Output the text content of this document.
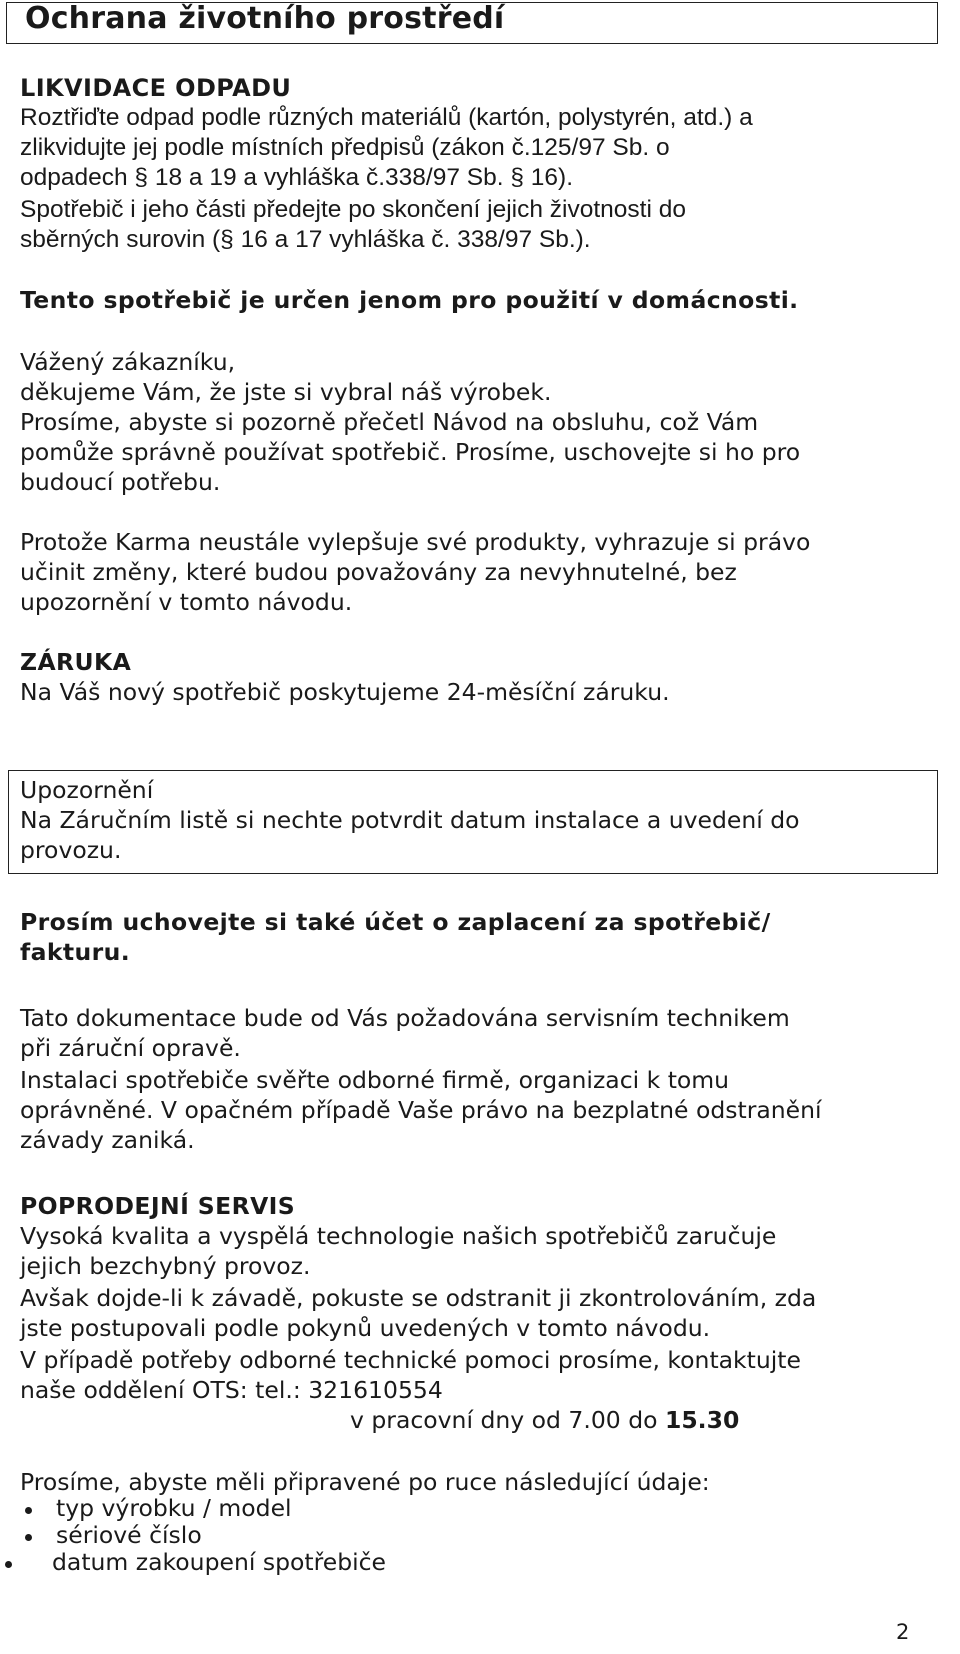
Ochrana životního prostředí
LIKVIDACE ODPADU
Roztřiďte odpad podle různých materiálů (kartón, polystyrén, atd.) a
zlikvidujte jej podle místních předpisů (zákon č.125/97 Sb. o
odpadech § 18 a 19 a vyhláška č.338/97 Sb. § 16).
Spotřebič i jeho části předejte po skončení jejich životnosti do
sběrných surovin (§ 16 a 17 vyhláška č. 338/97 Sb.).
Tento spotřebič je určen jenom pro použití v domácnosti.
Vážený zákazníku,
děkujeme Vám, že jste si vybral náš výrobek.
Prosíme, abyste si pozorně přečetl Návod na obsluhu, což Vám
pomůže správně používat spotřebič. Prosíme, uschovejte si ho pro
budoucí potřebu.
Protože Karma neustále vylepšuje své produkty, vyhrazuje si právo
učinit změny, které budou považovány za nevyhnutelné, bez
upozornění v tomto návodu.
ZÁRUKA
Na Váš nový spotřebič poskytujeme 24-měsíční záruku.
Upozornění
Na Záručním listě si nechte potvrdit datum instalace a uvedení do
provozu.
Prosím uchovejte si také účet o zaplacení za spotřebič/
fakturu.
Tato dokumentace bude od Vás požadována servisním technikem
při záruční opravě.
Instalaci spotřebiče svěřte odborné firmě, organizaci k tomu
oprávněné. V opačném případě Vaše právo na bezplatné odstranění
závady zaniká.
POPRODEJNÍ SERVIS
Vysoká kvalita a vyspělá technologie našich spotřebičů zaručuje
jejich bezchybný provoz.
Avšak dojde-li k závadě, pokuste se odstranit ji zkontrolováním, zda
jste postupovali podle pokynů uvedených v tomto návodu.
V případě potřeby odborné technické pomoci prosíme, kontaktujte
naše oddělení OTS: tel.: 321610554
v pracovní dny od 7.00 do 15.30
Prosíme, abyste měli připravené po ruce následující údaje:
typ výrobku / model
sériové číslo
datum zakoupení spotřebiče
2
